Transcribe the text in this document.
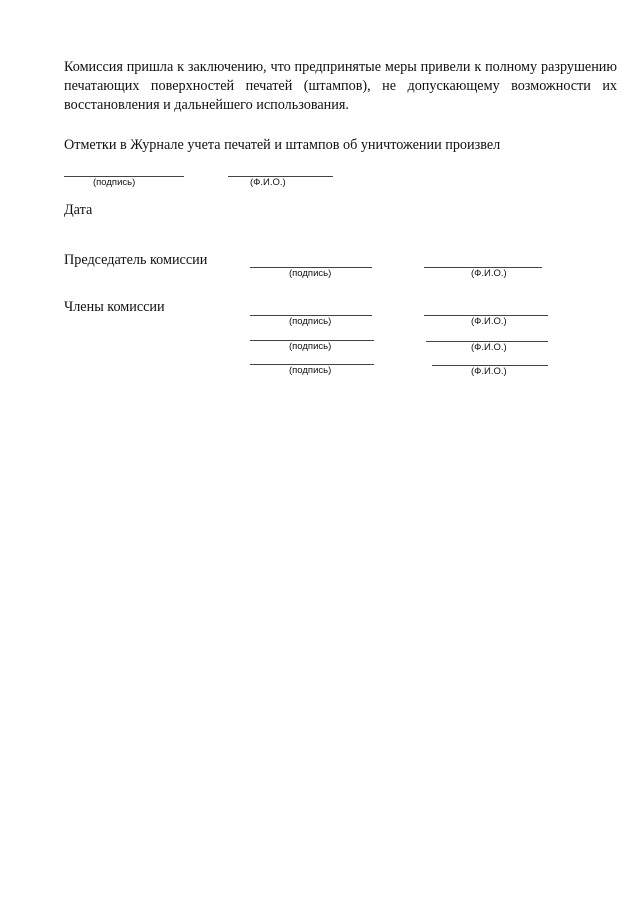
Комиссия пришла к заключению, что предпринятые меры привели к полному разрушению печатающих поверхностей печатей (штампов), не допускающему возможности их восстановления и дальнейшего использования.

Отметки в Журнале учета печатей и штампов об уничтожении произвел

(подпись)	(Ф.И.О.)

Дата

Председатель комиссии

(подпись)	(Ф.И.О.)

Члены комиссии

(подпись)	(Ф.И.О.)
(подпись)	(Ф.И.О.)
(подпись)	(Ф.И.О.)
